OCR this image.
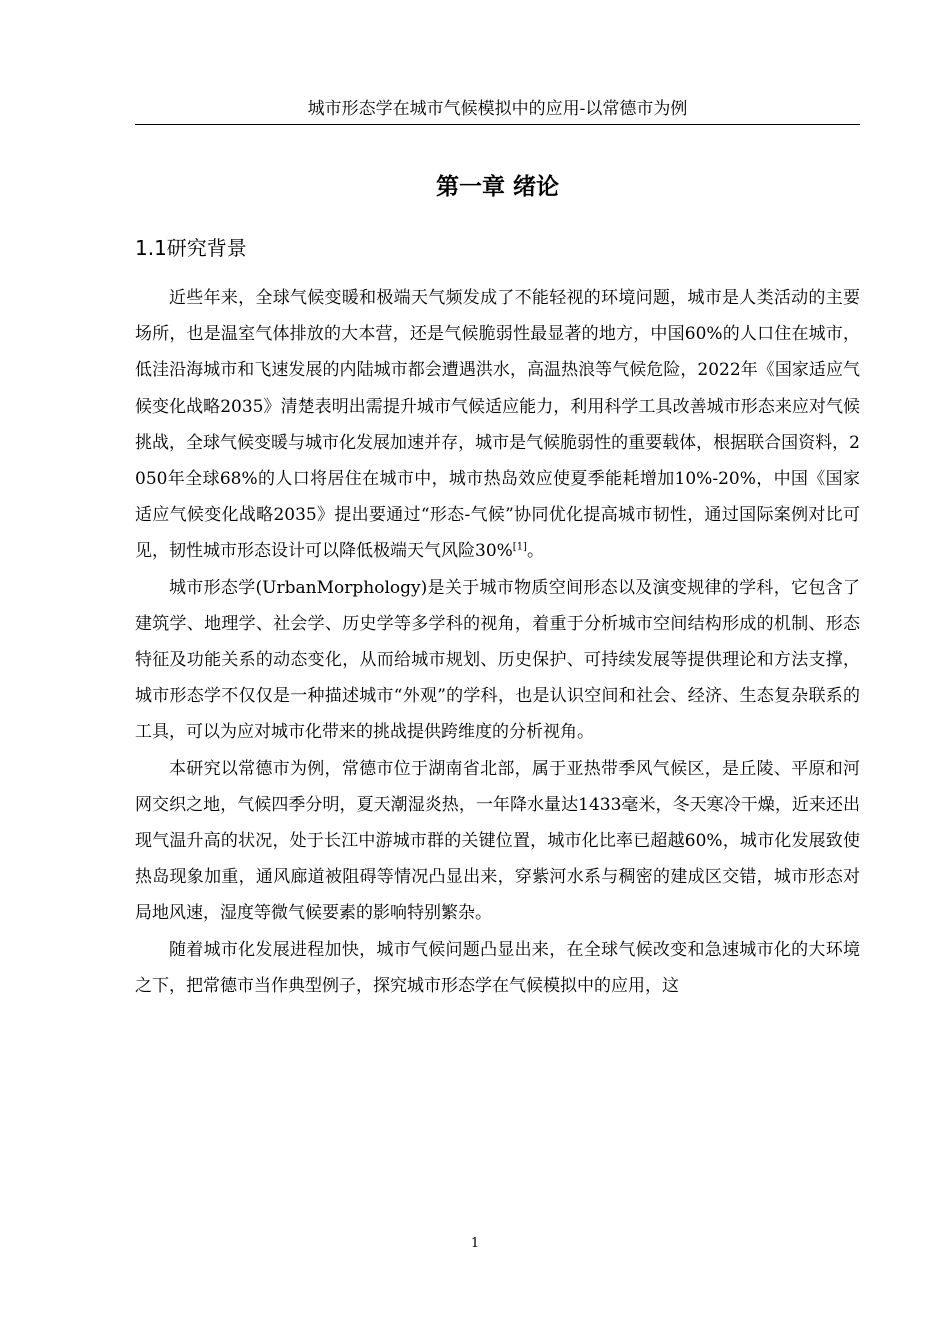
城市形态学在城市气候模拟中的应用-以常德市为例
第一章 绪论
1.1研究背景

近些年来，全球气候变暖和极端天气频发成了不能轻视的环境问题，城市是人类活动的主要场所，也是温室气体排放的大本营，还是气候脆弱性最显著的地方，中国60%的人口住在城市，低洼沿海城市和飞速发展的内陆城市都会遭遇洪水，高温热浪等气候危险，2022年《国家适应气候变化战略2035》清楚表明出需提升城市气候适应能力，利用科学工具改善城市形态来应对气候挑战，全球气候变暖与城市化发展加速并存，城市是气候脆弱性的重要载体，根据联合国资料，2050年全球68%的人口将居住在城市中，城市热岛效应使夏季能耗增加10%-20%，中国《国家适应气候变化战略2035》提出要通过“形态-气候”协同优化提高城市韧性，通过国际案例对比可见，韧性城市形态设计可以降低极端天气风险30%[1]。

城市形态学(UrbanMorphology)是关于城市物质空间形态以及演变规律的学科，它包含了建筑学、地理学、社会学、历史学等多学科的视角，着重于分析城市空间结构形成的机制、形态特征及功能关系的动态变化，从而给城市规划、历史保护、可持续发展等提供理论和方法支撑，城市形态学不仅仅是一种描述城市“外观”的学科，也是认识空间和社会、经济、生态复杂联系的工具，可以为应对城市化带来的挑战提供跨维度的分析视角。

本研究以常德市为例，常德市位于湖南省北部，属于亚热带季风气候区，是丘陵、平原和河网交织之地，气候四季分明，夏天潮湿炎热，一年降水量达1433毫米，冬天寒冷干燥，近来还出现气温升高的状况，处于长江中游城市群的关键位置，城市化比率已超越60%，城市化发展致使热岛现象加重，通风廊道被阻碍等情况凸显出来，穿紫河水系与稠密的建成区交错，城市形态对局地风速，湿度等微气候要素的影响特别繁杂。

随着城市化发展进程加快，城市气候问题凸显出来，在全球气候改变和急速城市化的大环境之下，把常德市当作典型例子，探究城市形态学在气候模拟中的应用，这

1
